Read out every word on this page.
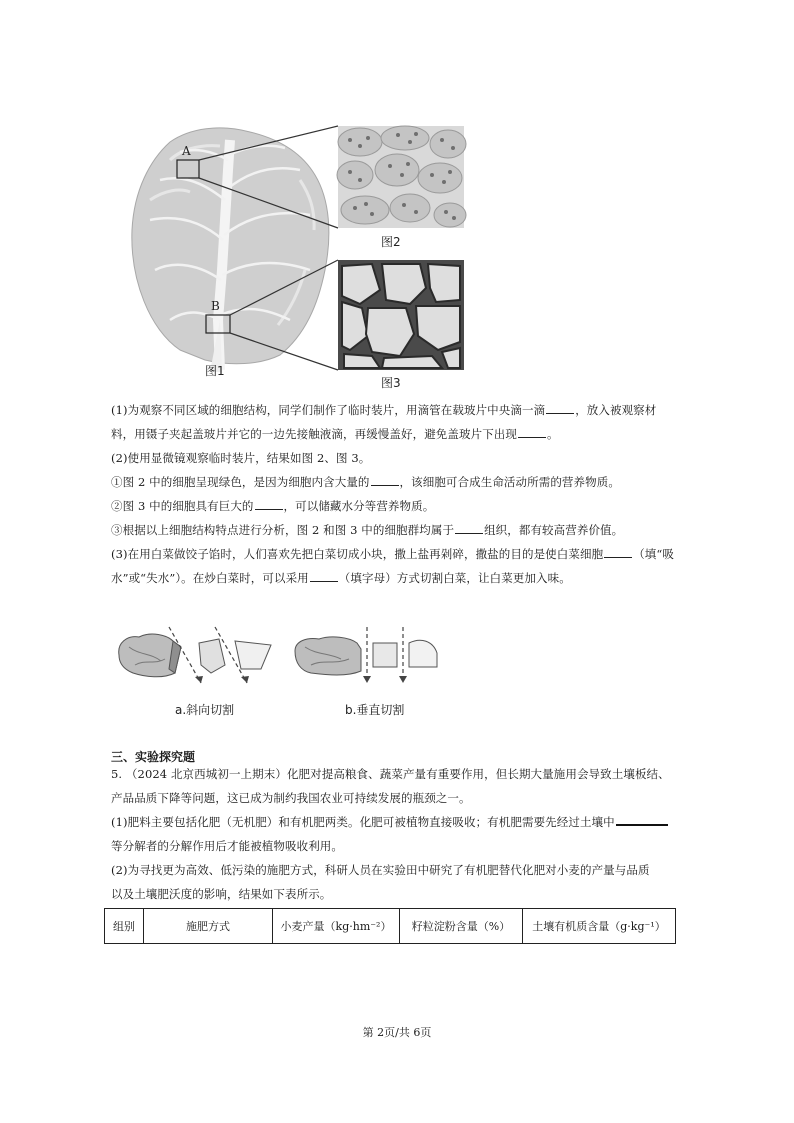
A
B
图2
图1
图3
(1)为观察不同区域的细胞结构，同学们制作了临时装片，用滴管在载玻片中央滴一滴	，放入被观察材
料，用镊子夹起盖玻片并它的一边先接触液滴，再缓慢盖好，避免盖玻片下出现	。
(2)使用显微镜观察临时装片，结果如图 2、图 3。
①图 2 中的细胞呈现绿色，是因为细胞内含大量的	，该细胞可合成生命活动所需的营养物质。
②图 3 中的细胞具有巨大的	，可以储藏水分等营养物质。
③根据以上细胞结构特点进行分析，图 2 和图 3 中的细胞群均属于	组织，都有较高营养价值。
(3)在用白菜做饺子馅时，人们喜欢先把白菜切成小块，撒上盐再剁碎，撒盐的目的是使白菜细胞	（填“吸
水”或“失水”）。在炒白菜时，可以采用	（填字母）方式切割白菜，让白菜更加入味。
a.斜向切割	b.垂直切割
三、实验探究题
5. （2024 北京西城初一上期末）化肥对提高粮食、蔬菜产量有重要作用，但长期大量施用会导致土壤板结、
产品品质下降等问题，这已成为制约我国农业可持续发展的瓶颈之一。
(1)肥料主要包括化肥（无机肥）和有机肥两类。化肥可被植物直接吸收；有机肥需要先经过土壤中
等分解者的分解作用后才能被植物吸收利用。
(2)为寻找更为高效、低污染的施肥方式，科研人员在实验田中研究了有机肥替代化肥对小麦的产量与品质
以及土壤肥沃度的影响，结果如下表所示。
组别	施肥方式	小麦产量（kg·hm⁻²）	籽粒淀粉含量（%）	土壤有机质含量（g·kg⁻¹）
第 2页/共 6页
